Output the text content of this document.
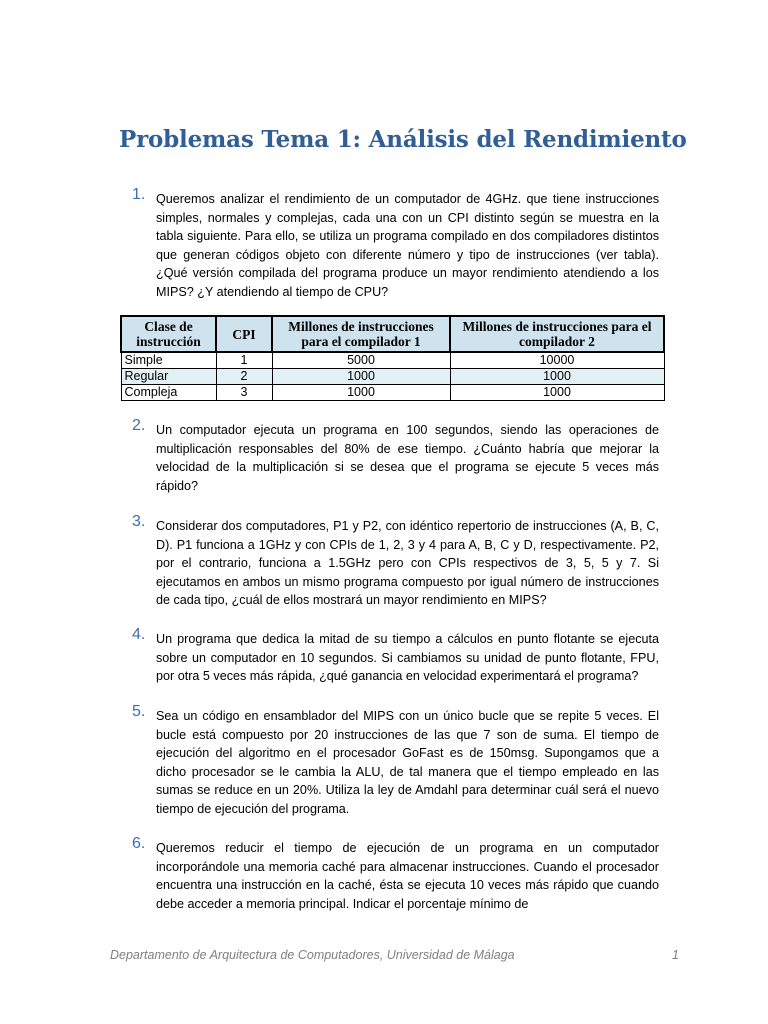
Problemas Tema 1: Análisis del Rendimiento
1. Queremos analizar el rendimiento de un computador de 4GHz. que tiene instrucciones simples, normales y complejas, cada una con un CPI distinto según se muestra en la tabla siguiente. Para ello, se utiliza un programa compilado en dos compiladores distintos que generan códigos objeto con diferente número y tipo de instrucciones (ver tabla). ¿Qué versión compilada del programa produce un mayor rendimiento atendiendo a los MIPS? ¿Y atendiendo al tiempo de CPU?

Clase de instrucción	CPI	Millones de instrucciones para el compilador 1	Millones de instrucciones para el compilador 2
Simple	1	5000	10000
Regular	2	1000	1000
Compleja	3	1000	1000
2. Un computador ejecuta un programa en 100 segundos, siendo las operaciones de multiplicación responsables del 80% de ese tiempo. ¿Cuánto habría que mejorar la velocidad de la multiplicación si se desea que el programa se ejecute 5 veces más rápido?

3. Considerar dos computadores, P1 y P2, con idéntico repertorio de instrucciones (A, B, C, D). P1 funciona a 1GHz y con CPIs de 1, 2, 3 y 4 para A, B, C y D, respectivamente. P2, por el contrario, funciona a 1.5GHz pero con CPIs respectivos de 3, 5, 5 y 7. Si ejecutamos en ambos un mismo programa compuesto por igual número de instrucciones de cada tipo, ¿cuál de ellos mostrará un mayor rendimiento en MIPS?

4. Un programa que dedica la mitad de su tiempo a cálculos en punto flotante se ejecuta sobre un computador en 10 segundos. Si cambiamos su unidad de punto flotante, FPU, por otra 5 veces más rápida, ¿qué ganancia en velocidad experimentará el programa?

5. Sea un código en ensamblador del MIPS con un único bucle que se repite 5 veces. El bucle está compuesto por 20 instrucciones de las que 7 son de suma. El tiempo de ejecución del algoritmo en el procesador GoFast es de 150msg. Supongamos que a dicho procesador se le cambia la ALU, de tal manera que el tiempo empleado en las sumas se reduce en un 20%. Utiliza la ley de Amdahl para determinar cuál será el nuevo tiempo de ejecución del programa.

6. Queremos reducir el tiempo de ejecución de un programa en un computador incorporándole una memoria caché para almacenar instrucciones. Cuando el procesador encuentra una instrucción en la caché, ésta se ejecuta 10 veces más rápido que cuando debe acceder a memoria principal. Indicar el porcentaje mínimo de

Departamento de Arquitectura de Computadores, Universidad de Málaga	1
